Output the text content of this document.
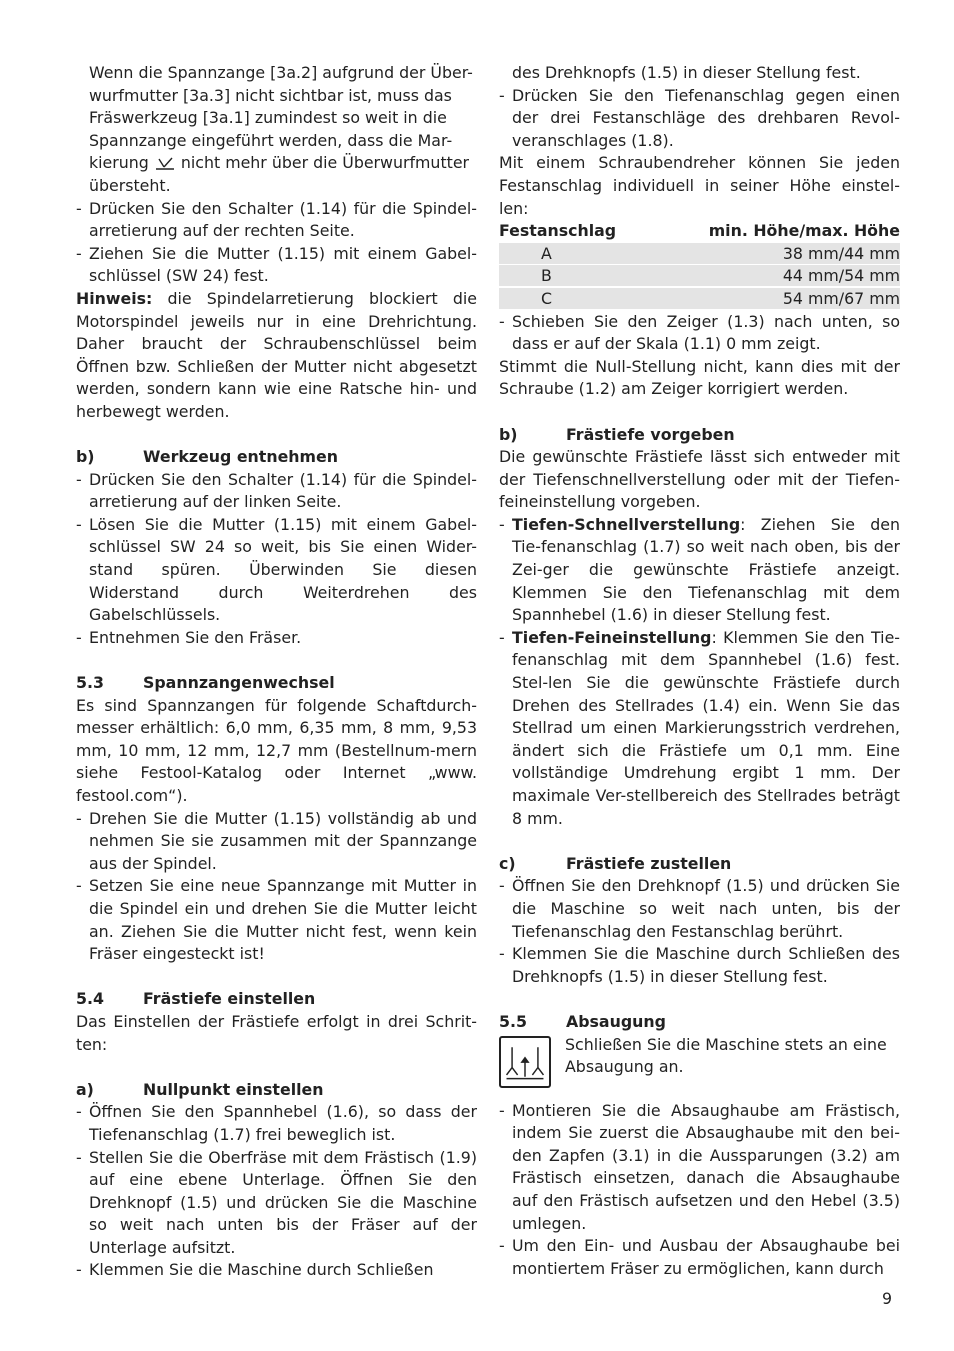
Wenn die Spannzange [3a.2] aufgrund der Über-

wurfmutter [3a.3] nicht sichtbar ist, muss das

Fräswerkzeug [3a.1] zumindest so weit in die

Spannzange eingeführt werden, dass die Mar-

kierung nicht mehr über die Überwurfmutter

übersteht.

- Drücken Sie den Schalter (1.14) für die Spindel-arretierung auf der rechten Seite.
- Ziehen Sie die Mutter (1.15) mit einem Gabel-schlüssel (SW 24) fest.

Hinweis: die Spindelarretierung blockiert die Motorspindel jeweils nur in eine Drehrichtung. Daher braucht der Schraubenschlüssel beim Öffnen bzw. Schließen der Mutter nicht abgesetzt werden, sondern kann wie eine Ratsche hin- und herbewegt werden.

b)	Werkzeug entnehmen
- Drücken Sie den Schalter (1.14) für die Spindel-arretierung auf der linken Seite.
- Lösen Sie die Mutter (1.15) mit einem Gabel-schlüssel SW 24 so weit, bis Sie einen Wider-stand spüren. Überwinden Sie diesen Widerstand durch Weiterdrehen des Gabelschlüssels.
- Entnehmen Sie den Fräser.
5.3	Spannzangenwechsel

Es sind Spannzangen für folgende Schaftdurch-messer erhältlich: 6,0 mm, 6,35 mm, 8 mm, 9,53 mm, 10 mm, 12 mm, 12,7 mm (Bestellnum-mern siehe Festool-Katalog oder Internet „www. festool.com“).

- Drehen Sie die Mutter (1.15) vollständig ab und nehmen Sie sie zusammen mit der Spannzange aus der Spindel.
- Setzen Sie eine neue Spannzange mit Mutter in die Spindel ein und drehen Sie die Mutter leicht an. Ziehen Sie die Mutter nicht fest, wenn kein Fräser eingesteckt ist!
5.4	Frästiefe einstellen

Das Einstellen der Frästiefe erfolgt in drei Schrit-ten:

a)	Nullpunkt einstellen
- Öffnen Sie den Spannhebel (1.6), so dass der Tiefenanschlag (1.7) frei beweglich ist.
- Stellen Sie die Oberfräse mit dem Frästisch (1.9) auf eine ebene Unterlage. Öffnen Sie den Drehknopf (1.5) und drücken Sie die Maschine so weit nach unten bis der Fräser auf der Unterlage aufsitzt.
- Klemmen Sie die Maschine durch Schließen

des Drehknopfs (1.5) in dieser Stellung fest.

- Drücken Sie den Tiefenanschlag gegen einen der drei Festanschläge des drehbaren Revol-veranschlages (1.8).

Mit einem Schraubendreher können Sie jeden Festanschlag individuell in seiner Höhe einstel-len:

Festanschlag	min. Höhe/max. Höhe
A	38 mm/44 mm
B	44 mm/54 mm
C	54 mm/67 mm
- Schieben Sie den Zeiger (1.3) nach unten, so dass er auf der Skala (1.1) 0 mm zeigt.

Stimmt die Null-Stellung nicht, kann dies mit der Schraube (1.2) am Zeiger korrigiert werden.

b)	Frästiefe vorgeben

Die gewünschte Frästiefe lässt sich entweder mit der Tiefenschnellverstellung oder mit der Tiefen-feineinstellung vorgeben.

- Tiefen-Schnellverstellung: Ziehen Sie den Tie-fenanschlag (1.7) so weit nach oben, bis der Zei-ger die gewünschte Frästiefe anzeigt. Klemmen Sie den Tiefenanschlag mit dem Spannhebel (1.6) in dieser Stellung fest.
- Tiefen-Feineinstellung: Klemmen Sie den Tie-fenanschlag mit dem Spannhebel (1.6) fest. Stel-len Sie die gewünschte Frästiefe durch Drehen des Stellrades (1.4) ein. Wenn Sie das Stellrad um einen Markierungsstrich verdrehen, ändert sich die Frästiefe um 0,1 mm. Eine vollständige Umdrehung ergibt 1 mm. Der maximale Ver-stellbereich des Stellrades beträgt 8 mm.
c)	Frästiefe zustellen
- Öffnen Sie den Drehknopf (1.5) und drücken Sie die Maschine so weit nach unten, bis der Tiefenanschlag den Festanschlag berührt.
- Klemmen Sie die Maschine durch Schließen des Drehknopfs (1.5) in dieser Stellung fest.
5.5	Absaugung

Schließen Sie die Maschine stets an eine Absaugung an.

- Montieren Sie die Absaughaube am Frästisch, indem Sie zuerst die Absaughaube mit den bei-den Zapfen (3.1) in die Aussparungen (3.2) am Frästisch einsetzen, danach die Absaughaube auf den Frästisch aufsetzen und den Hebel (3.5) umlegen.
- Um den Ein- und Ausbau der Absaughaube bei montiertem Fräser zu ermöglichen, kann durch
9
